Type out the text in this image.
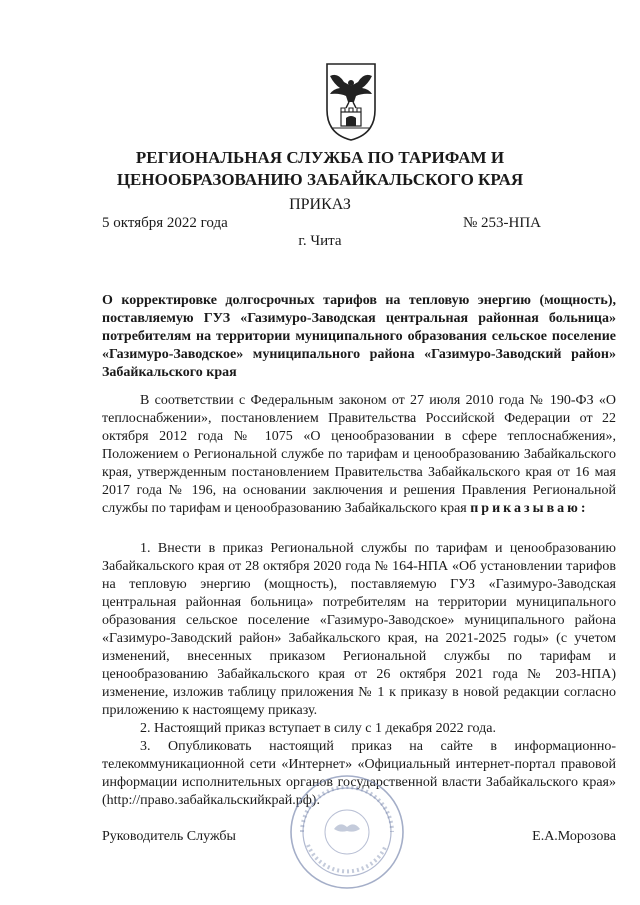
РЕГИОНАЛЬНАЯ СЛУЖБА ПО ТАРИФАМ И
ЦЕНООБРАЗОВАНИЮ ЗАБАЙКАЛЬСКОГО КРАЯ
ПРИКАЗ
5 октября 2022 года	№ 253-НПА
г. Чита
О корректировке долгосрочных тарифов на тепловую энергию (мощность), поставляемую ГУЗ «Газимуро-Заводская центральная районная больница» потребителям на территории муниципального образования сельское поселение «Газимуро-Заводское» муниципального района «Газимуро-Заводский район» Забайкальского края

В соответствии с Федеральным законом от 27 июля 2010 года № 190-ФЗ «О теплоснабжении», постановлением Правительства Российской Федерации от 22 октября 2012 года № 1075 «О ценообразовании в сфере теплоснабжения», Положением о Региональной службе по тарифам и ценообразованию Забайкальского края, утвержденным постановлением Правительства Забайкальского края от 16 мая 2017 года № 196, на основании заключения и решения Правления Региональной службы по тарифам и ценообразованию Забайкальского края приказываю:

1. Внести в приказ Региональной службы по тарифам и ценообразованию Забайкальского края от 28 октября 2020 года № 164-НПА «Об установлении тарифов на тепловую энергию (мощность), поставляемую ГУЗ «Газимуро-Заводская центральная районная больница» потребителям на территории муниципального образования сельское поселение «Газимуро-Заводское» муниципального района «Газимуро-Заводский район» Забайкальского края, на 2021-2025 годы» (с учетом изменений, внесенных приказом Региональной службы по тарифам и ценообразованию Забайкальского края от 26 октября 2021 года № 203-НПА) изменение, изложив таблицу приложения № 1 к приказу в новой редакции согласно приложению к настоящему приказу.

2. Настоящий приказ вступает в силу с 1 декабря 2022 года.

3. Опубликовать настоящий приказ на сайте в информационно-телекоммуникационной сети «Интернет» «Официальный интернет-портал правовой информации исполнительных органов государственной власти Забайкальского края» (http://право.забайкальскийкрай.рф).

Руководитель Службы	Е.А.Морозова
